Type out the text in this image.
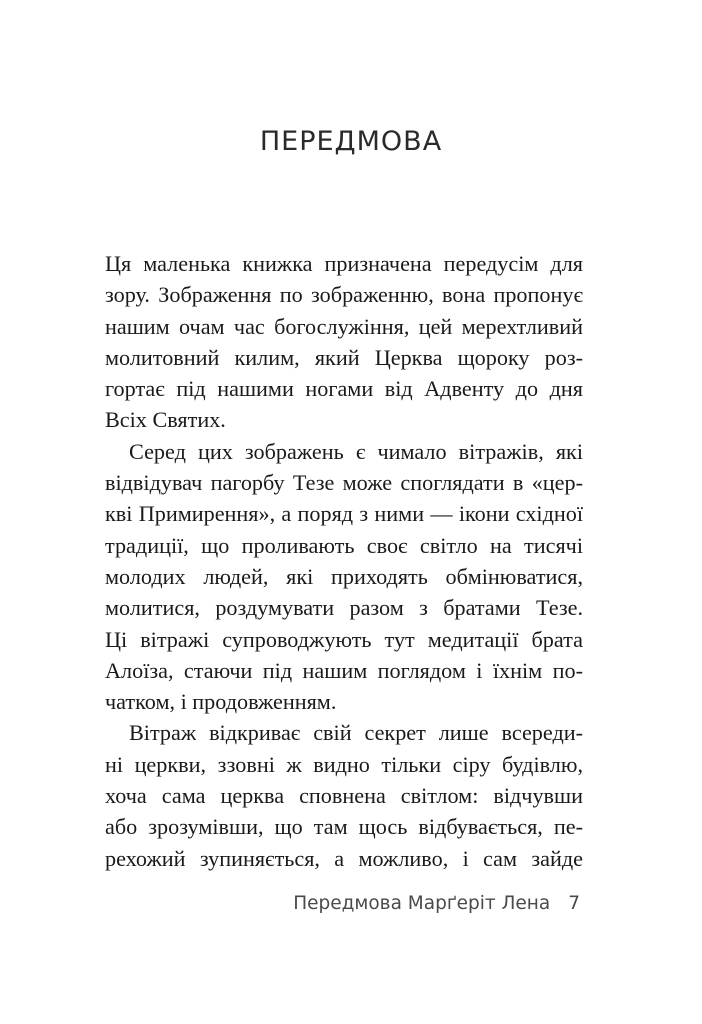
ПЕРЕДМОВА
Ця маленька книжка призначена передусім для
зору. Зображення по зображенню, вона пропонує
нашим очам час богослужіння, цей мерехтливий
молитовний килим, який Церква щороку роз-
гортає під нашими ногами від Адвенту до дня
Всіх Святих.
Серед цих зображень є чимало вітражів, які
відвідувач пагорбу Тезе може споглядати в «цер-
кві Примирення», а поряд з ними — ікони східної
традиції, що проливають своє світло на тисячі
молодих людей, які приходять обмінюватися,
молитися, роздумувати разом з братами Тезе.
Ці вітражі супроводжують тут медитації брата
Алоїза, стаючи під нашим поглядом і їхнім по-
чатком, і продовженням.
Вітраж відкриває свій секрет лише всереди-
ні церкви, ззовні ж видно тільки сіру будівлю,
хоча сама церква сповнена світлом: відчувши
або зрозумівши, що там щось відбувається, пе-
рехожий зупиняється, а можливо, і сам зайде
Передмова Марґеріт Лена 7
